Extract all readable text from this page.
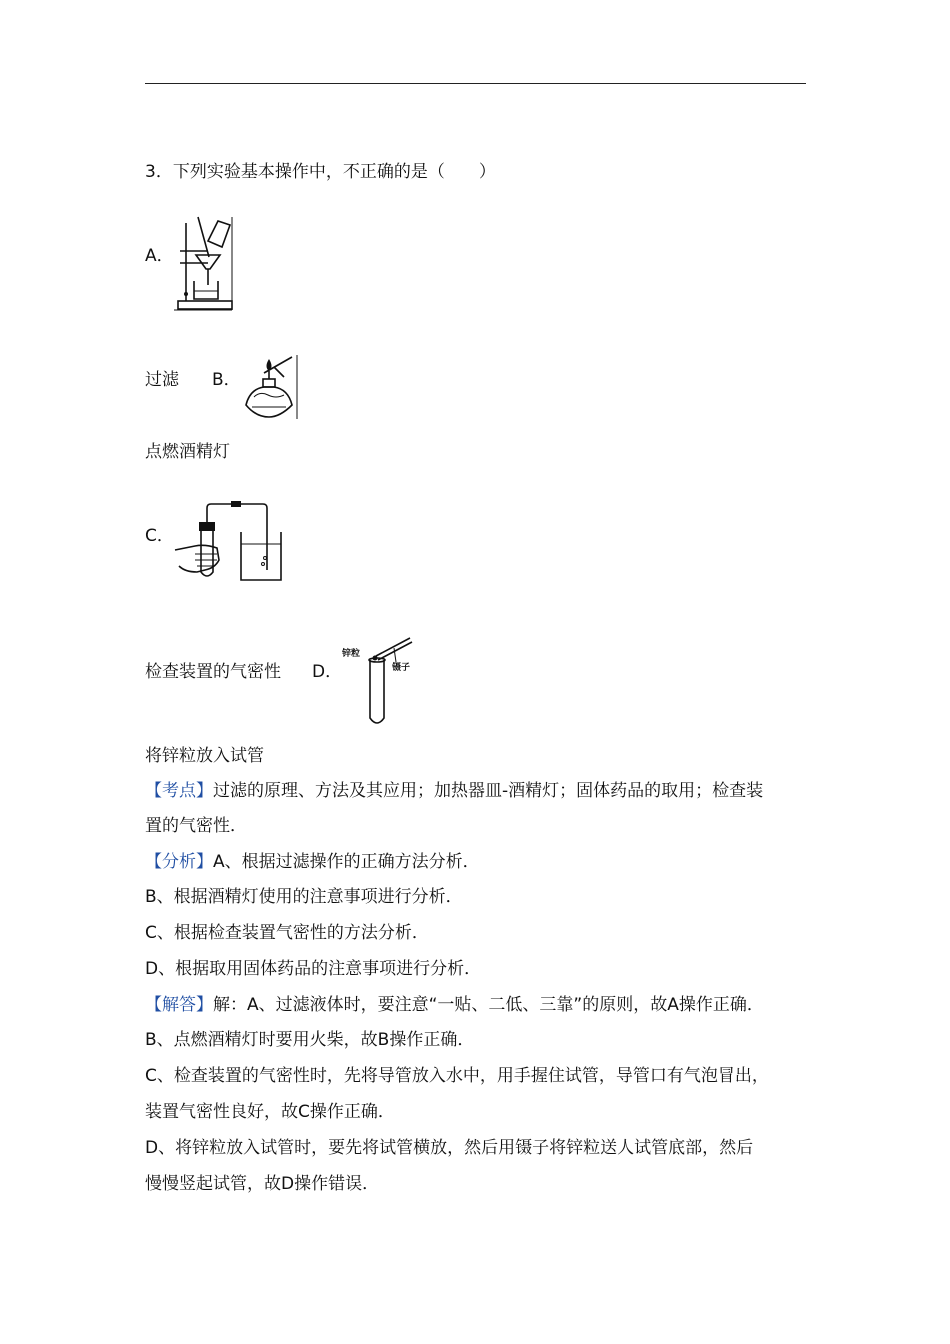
3．下列实验基本操作中，不正确的是（　　）
A．
过滤 B．
点燃酒精灯
C．
检查装置的气密性 D．
锌粒
镊子
将锌粒放入试管
【考点】过滤的原理、方法及其应用；加热器皿-酒精灯；固体药品的取用；检查装
置的气密性．
【分析】A、根据过滤操作的正确方法分析．
B、根据酒精灯使用的注意事项进行分析．
C、根据检查装置气密性的方法分析．
D、根据取用固体药品的注意事项进行分析．
【解答】解：A、过滤液体时，要注意“一贴、二低、三靠”的原则，故A操作正确．
B、点燃酒精灯时要用火柴，故B操作正确．
C、检查装置的气密性时，先将导管放入水中，用手握住试管，导管口有气泡冒出，
装置气密性良好，故C操作正确．
D、将锌粒放入试管时，要先将试管横放，然后用镊子将锌粒送人试管底部，然后
慢慢竖起试管，故D操作错误．
